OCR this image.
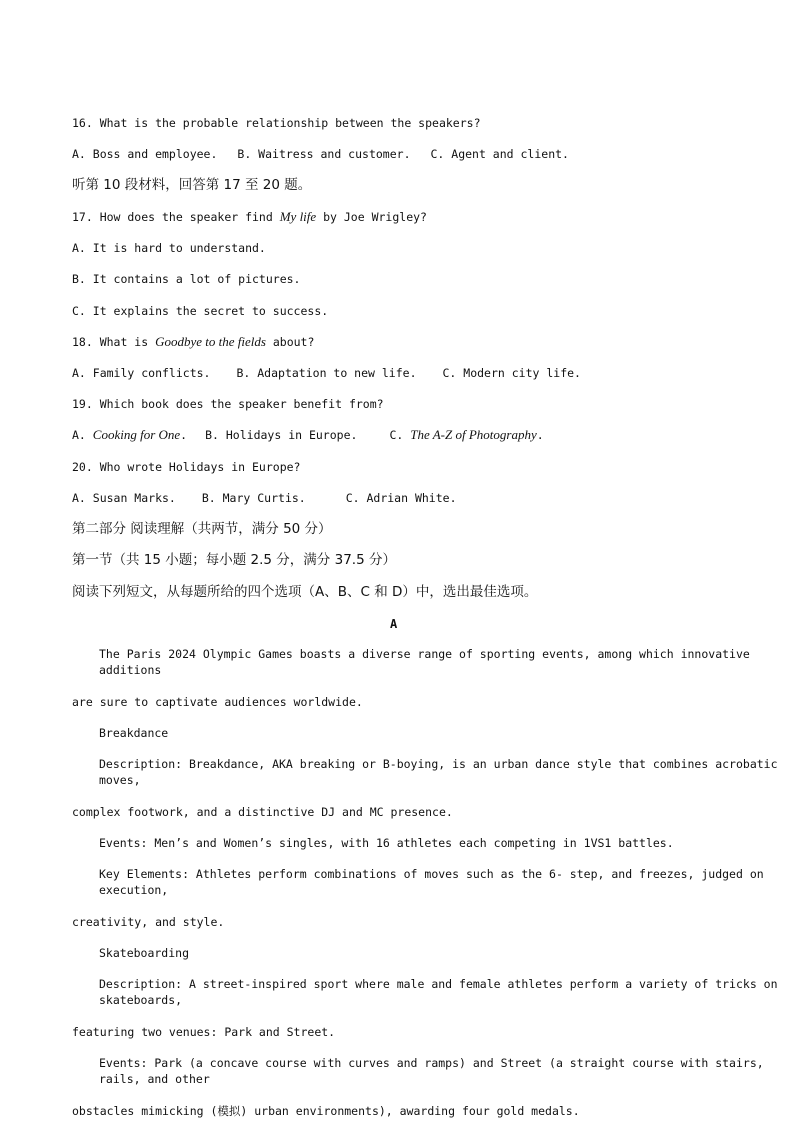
16. What is the probable relationship between the speakers?
A. Boss and employee. B. Waitress and customer. C. Agent and client.
听第 10 段材料，回答第 17 至 20 题。
17. How does the speaker find My life by Joe Wrigley?
A. It is hard to understand.
B. It contains a lot of pictures.
C. It explains the secret to success.
18. What is Goodbye to the fields about?
A. Family conflicts. B. Adaptation to new life. C. Modern city life.
19. Which book does the speaker benefit from?
A. Cooking for One. B. Holidays in Europe.	C. The A-Z of Photography.
20. Who wrote Holidays in Europe?
A. Susan Marks. B. Mary Curtis.	C. Adrian White.
第二部分 阅读理解（共两节，满分 50 分）
第一节（共 15 小题；每小题 2.5 分，满分 37.5 分）
阅读下列短文，从每题所给的四个选项（A、B、C 和 D）中，选出最佳选项。
A
The Paris 2024 Olympic Games boasts a diverse range of sporting events, among which innovative additions
are sure to captivate audiences worldwide.
Breakdance
Description: Breakdance, AKA breaking or B-boying, is an urban dance style that combines acrobatic moves,
complex footwork, and a distinctive DJ and MC presence.
Events: Men’s and Women’s singles, with 16 athletes each competing in 1VS1 battles.
Key Elements: Athletes perform combinations of moves such as the 6- step, and freezes, judged on execution,
creativity, and style.
Skateboarding
Description: A street-inspired sport where male and female athletes perform a variety of tricks on skateboards,
featuring two venues: Park and Street.
Events: Park (a concave course with curves and ramps) and Street (a straight course with stairs, rails, and other
obstacles mimicking (模拟) urban environments), awarding four gold medals.
